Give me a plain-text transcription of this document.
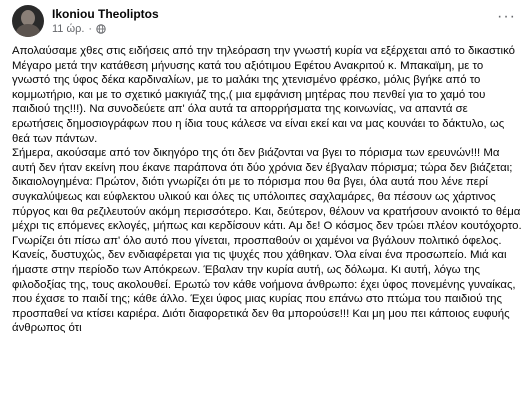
Ikoniou Theoliptos
11 ώρ. ·
···

Απολαύσαμε χθες στις ειδήσεις από την τηλεόραση την γνωστή κυρία να εξέρχεται από το δικαστικό Μέγαρο μετά την κατάθεση μήνυσης κατά του αξιότιμου Εφέτου Ανακριτού κ. Μπακαϊμη, με το γνωστό της ύφος δέκα καρδιναλίων, με το μαλάκι της χτενισμένο φρέσκο, μόλις βγήκε από το κομμωτήριο, και με το σχετικό μακιγιάζ της,( μια εμφάνιση μητέρας που πενθεί για το χαμό του παιδιού της!!!). Να συνοδεύετε απ' όλα αυτά τα απορρήσματα της κοινωνίας, να απαντά σε ερωτήσεις δημοσιογράφων που η ίδια τους κάλεσε να είναι εκεί και να μας κουνάει το δάκτυλο, ως θεά των πάντων.

Σήμερα, ακούσαμε από τον δικηγόρο της ότι δεν βιάζονται να βγει το πόρισμα των ερευνών!!! Μα αυτή δεν ήταν εκείνη που έκανε παράπονα ότι δύο χρόνια δεν έβγαλαν πόρισμα; τώρα δεν βιάζεται; δικαιολογημένα: Πρώτον, διότι γνωρίζει ότι με το πόρισμα που θα βγει, όλα αυτά που λένε περί συγκαλύψεως και εύφλεκτου υλικού και όλες τις υπόλοιπες σαχλαμάρες, θα πέσουν ως χάρτινος πύργος και θα ρεζιλευτούν ακόμη περισσότερο. Και, δεύτερον, θέλουν να κρατήσουν ανοικτό το θέμα μέχρι τις επόμενες εκλογές, μήπως και κερδίσουν κάτι. Αμ δε! Ο κόσμος δεν τρώει πλέον κουτόχορτο. Γνωρίζει ότι πίσω απ' όλο αυτό που γίνεται, προσπαθούν οι χαμένοι να βγάλουν πολιτικό όφελος. Κανείς, δυστυχώς, δεν ενδιαφέρεται για τις ψυχές που χάθηκαν. Όλα είναι ένα προσωπείο. Μιά και ήμαστε στην περίοδο των Απόκρεων. Έβαλαν την κυρία αυτή, ως δόλωμα. Κι αυτή, λόγω της φιλοδοξίας της, τους ακολουθεί. Ερωτώ τον κάθε νοήμονα άνθρωπο: έχει ύφος πονεμένης γυναίκας, που έχασε το παιδί της; κάθε άλλο. Έχει ύφος μιας κυρίας που επάνω στο πτώμα του παιδιού της προσπαθεί να κτίσει καριέρα. Διότι διαφορετικά δεν θα μπορούσε!!! Και μη μου πει κάποιος ευφυής άνθρωπος ότι
